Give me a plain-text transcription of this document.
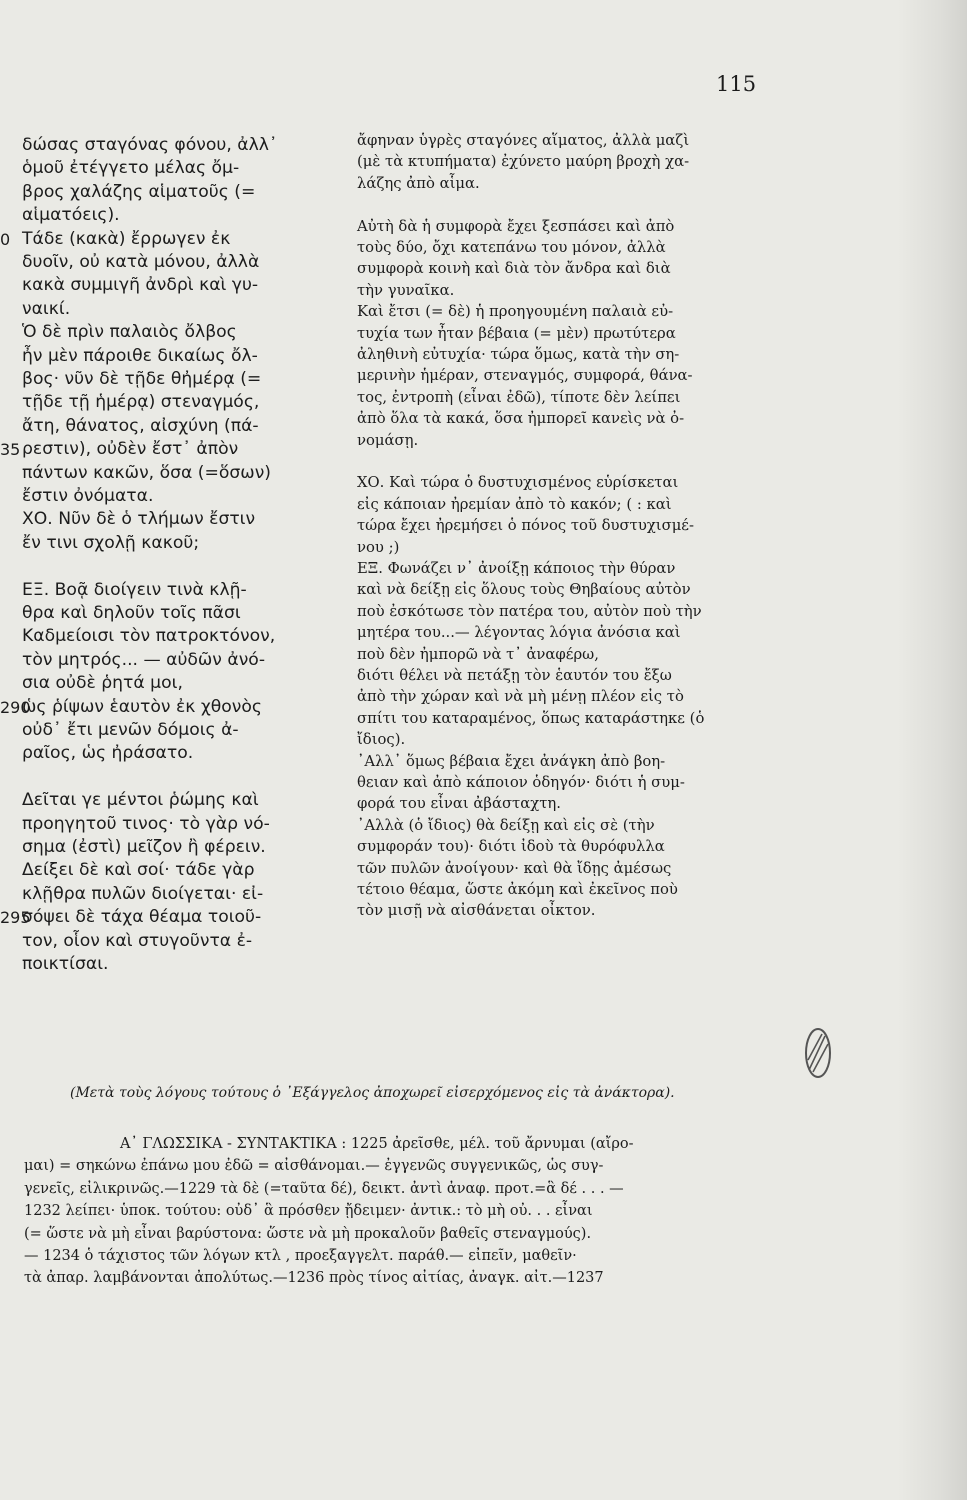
115
δώσας σταγόνας φόνου, ἀλλ᾽
ὁμοῦ ἐτέγγετο μέλας ὄμ-
βρος χαλάζης αἱματοῦς (=
αἱματόεις).
Τάδε (κακὰ) ἔρρωγεν ἐκ
δυοῖν, οὐ κατὰ μόνου, ἀλλὰ
κακὰ συμμιγῆ ἀνδρὶ καὶ γυ-
ναικί.
Ὁ δὲ πρὶν παλαιὸς ὄλβος
ἦν μὲν πάροιθε δικαίως ὄλ-
βος· νῦν δὲ τῇδε θἠμέρᾳ (=
τῇδε τῇ ἡμέρᾳ) στεναγμός,
ἄτη, θάνατος, αἰσχύνη (πά-
ρεστιν), οὐδὲν ἔστ᾽ ἀπὸν
πάντων κακῶν, ὅσα (=ὅσων)
ἔστιν ὀνόματα.
ΧΟ. Νῦν δὲ ὁ τλήμων ἔστιν
ἔν τινι σχολῇ κακοῦ;
ΕΞ. Βοᾷ διοίγειν τινὰ κλῇ-
θρα καὶ δηλοῦν τοῖς πᾶσι
Καδμείοισι τὸν πατροκτόνον,
τὸν μητρός... — αὐδῶν ἀνό-
σια οὐδὲ ῥητά μοι,
ὡς ῥίψων ἑαυτὸν ἐκ χθονὸς
οὐδ᾽ ἔτι μενῶν δόμοις ἀ-
ραῖος, ὡς ἠράσατο.
Δεῖται γε μέντοι ῥώμης καὶ
προηγητοῦ τινος· τὸ γὰρ νό-
σημα (ἐστὶ) μεῖζον ἢ φέρειν.
Δείξει δὲ καὶ σοί· τάδε γὰρ
κλῇθρα πυλῶν διοίγεται· εἰ-
σόψει δὲ τάχα θέαμα τοιοῦ-
τον, οἷον καὶ στυγοῦντα ἐ-
ποικτίσαι.
0
35
290
295
ἄφηναν ὑγρὲς σταγόνες αἵματος, ἀλλὰ μαζὶ
(μὲ τὰ κτυπήματα) ἐχύνετο μαύρη βροχὴ χα-
λάζης ἀπὸ αἷμα.
Αὐτὴ δὰ ἡ συμφορὰ ἔχει ξεσπάσει καὶ ἀπὸ
τοὺς δύο, ὄχι κατεπάνω του μόνον, ἀλλὰ
συμφορὰ κοινὴ καὶ διὰ τὸν ἄνδρα καὶ διὰ
τὴν γυναῖκα.
Καὶ ἔτσι (= δὲ) ἡ προηγουμένη παλαιὰ εὐ-
τυχία των ἦταν βέβαια (= μὲν) πρωτύτερα
ἀληθινὴ εὐτυχία· τώρα ὅμως, κατὰ τὴν ση-
μερινὴν ἡμέραν, στεναγμός, συμφορά, θάνα-
τος, ἐντροπὴ (εἶναι ἐδῶ), τίποτε δὲν λείπει
ἀπὸ ὅλα τὰ κακά, ὅσα ἠμπορεῖ κανεὶς νὰ ὀ-
νομάσῃ.
ΧΟ. Καὶ τώρα ὁ δυστυχισμένος εὑρίσκεται
εἰς κάποιαν ἠρεμίαν ἀπὸ τὸ κακόν; ( : καὶ
τώρα ἔχει ἠρεμήσει ὁ πόνος τοῦ δυστυχισμέ-
νου ;)
ΕΞ. Φωνάζει ν᾽ ἀνοίξῃ κάποιος τὴν θύραν
καὶ νὰ δείξῃ εἰς ὅλους τοὺς Θηβαίους αὐτὸν
ποὺ ἐσκότωσε τὸν πατέρα του, αὐτὸν ποὺ τὴν
μητέρα του...— λέγοντας λόγια ἀνόσια καὶ
ποὺ δὲν ἠμπορῶ νὰ τ᾽ ἀναφέρω,
διότι θέλει νὰ πετάξῃ τὸν ἑαυτόν του ἔξω
ἀπὸ τὴν χώραν καὶ νὰ μὴ μένῃ πλέον εἰς τὸ
σπίτι του καταραμένος, ὅπως καταράστηκε (ὁ
ἴδιος).
᾽Αλλ᾽ ὅμως βέβαια ἔχει ἀνάγκη ἀπὸ βοη-
θειαν καὶ ἀπὸ κάποιον ὁδηγόν· διότι ἡ συμ-
φορά του εἶναι ἀβάσταχτη.
᾽Αλλὰ (ὁ ἴδιος) θὰ δείξῃ καὶ εἰς σὲ (τὴν
συμφοράν του)· διότι ἰδοὺ τὰ θυρόφυλλα
τῶν πυλῶν ἀνοίγουν· καὶ θὰ ἴδῃς ἀμέσως
τέτοιο θέαμα, ὥστε ἀκόμη καὶ ἐκεῖνος ποὺ
τὸν μισῇ νὰ αἰσθάνεται οἶκτον.
(Μετὰ τοὺς λόγους τούτους ὁ ᾽Εξάγγελος ἀποχωρεῖ εἰσερχόμενος εἰς τὰ ἀνάκτορα).
Α᾽ ΓΛΩΣΣΙΚΑ - ΣΥΝΤΑΚΤΙΚΑ : 1225 ἀρεῖσθε, μέλ. τοῦ ἄρνυμαι (αἴρο-
μαι) = σηκώνω ἐπάνω μου ἐδῶ = αἰσθάνομαι.— ἐγγενῶς συγγενικῶς, ὡς συγ-
γενεῖς, εἰλικρινῶς.—1229 τὰ δὲ (=ταῦτα δέ), δεικτ. ἀντὶ ἀναφ. προτ.=ἃ δέ . . . —
1232 λείπει· ὑποκ. τούτου: οὐδ᾽ ἃ πρόσθεν ᾔδειμεν· ἀντικ.: τὸ μὴ οὐ. . . εἶναι
(= ὥστε νὰ μὴ εἶναι βαρύστονα: ὥστε νὰ μὴ προκαλοῦν βαθεῖς στεναγμούς).
— 1234 ὁ τάχιστος τῶν λόγων κτλ , προεξαγγελτ. παράθ.— εἰπεῖν, μαθεῖν·
τὰ ἀπαρ. λαμβάνονται ἀπολύτως.—1236 πρὸς τίνος αἰτίας, ἀναγκ. αἰτ.—1237
